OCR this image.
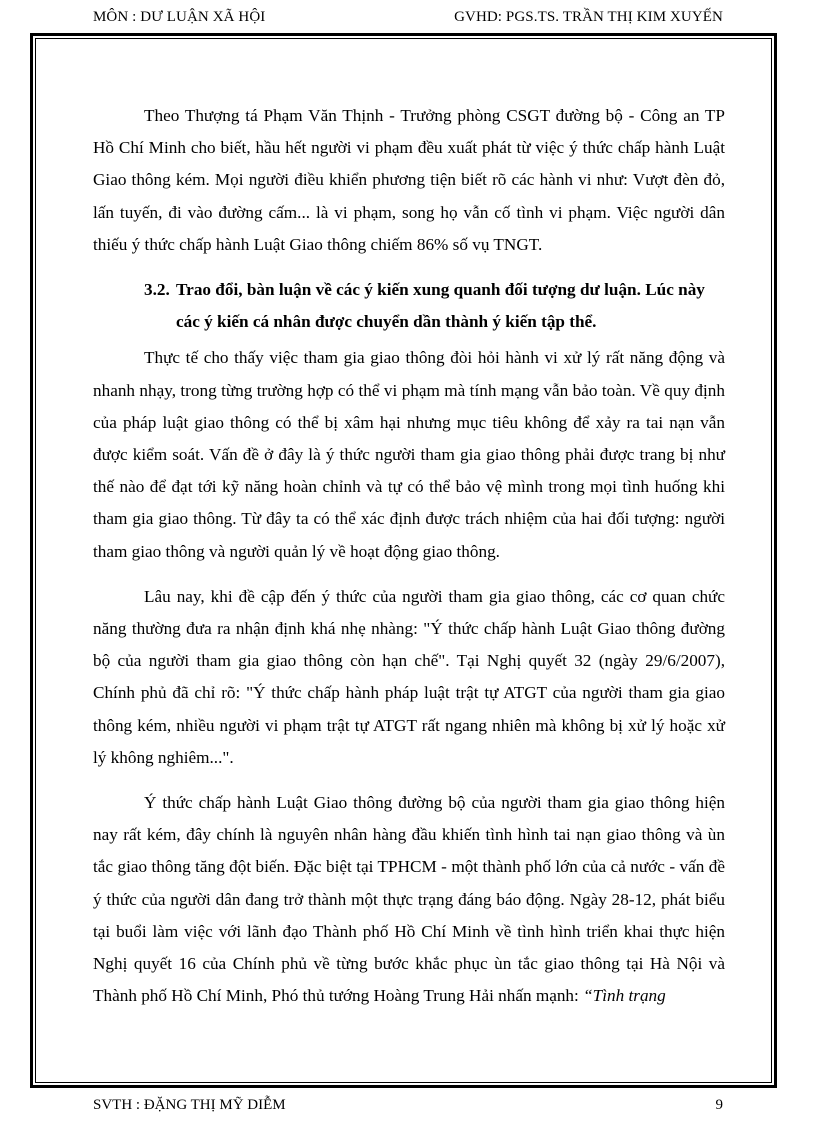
MÔN : DƯ LUẬN XÃ HỘI	GVHD: PGS.TS. TRẦN THỊ KIM XUYẾN

Theo Thượng tá Phạm Văn Thịnh - Trưởng phòng CSGT đường bộ - Công an TP Hồ Chí Minh cho biết, hầu hết người vi phạm đều xuất phát từ việc ý thức chấp hành Luật Giao thông kém. Mọi người điều khiển phương tiện biết rõ các hành vi như: Vượt đèn đỏ, lấn tuyến, đi vào đường cấm... là vi phạm, song họ vẫn cố tình vi phạm. Việc người dân thiếu ý thức chấp hành Luật Giao thông chiếm 86% số vụ TNGT.

3.2. Trao đổi, bàn luận về các ý kiến xung quanh đối tượng dư luận. Lúc này các ý kiến cá nhân được chuyển dần thành ý kiến tập thể.

Thực tế cho thấy việc tham gia giao thông đòi hỏi hành vi xử lý rất năng động và nhanh nhạy, trong từng trường hợp có thể vi phạm mà tính mạng vẫn bảo toàn. Về quy định của pháp luật giao thông có thể bị xâm hại nhưng mục tiêu không để xảy ra tai nạn vẫn được kiểm soát. Vấn đề ở đây là ý thức người tham gia giao thông phải được trang bị như thế nào để đạt tới kỹ năng hoàn chỉnh và tự có thể bảo vệ mình trong mọi tình huống khi tham gia giao thông. Từ đây ta có thể xác định được trách nhiệm của hai đối tượng: người tham giao thông và người quản lý về hoạt động giao thông.

Lâu nay, khi đề cập đến ý thức của người tham gia giao thông, các cơ quan chức năng thường đưa ra nhận định khá nhẹ nhàng: "Ý thức chấp hành Luật Giao thông đường bộ của người tham gia giao thông còn hạn chế". Tại Nghị quyết 32 (ngày 29/6/2007), Chính phủ đã chỉ rõ: "Ý thức chấp hành pháp luật trật tự ATGT của người tham gia giao thông kém, nhiều người vi phạm trật tự ATGT rất ngang nhiên mà không bị xử lý hoặc xử lý không nghiêm...".

Ý thức chấp hành Luật Giao thông đường bộ của người tham gia giao thông hiện nay rất kém, đây chính là nguyên nhân hàng đầu khiến tình hình tai nạn giao thông và ùn tắc giao thông tăng đột biến. Đặc biệt tại TPHCM - một thành phố lớn của cả nước - vấn đề ý thức của người dân đang trở thành một thực trạng đáng báo động. Ngày 28-12, phát biểu tại buổi làm việc với lãnh đạo Thành phố Hồ Chí Minh về tình hình triển khai thực hiện Nghị quyết 16 của Chính phủ về từng bước khắc phục ùn tắc giao thông tại Hà Nội và Thành phố Hồ Chí Minh, Phó thủ tướng Hoàng Trung Hải nhấn mạnh: “Tình trạng

SVTH : ĐẶNG THỊ MỸ DIỄM	9
